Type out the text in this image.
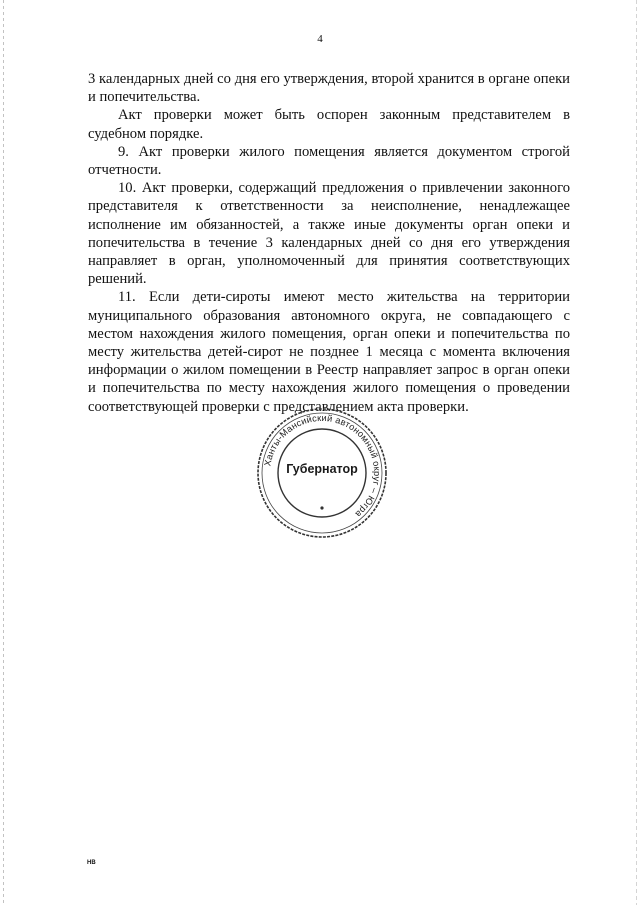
4

3 календарных дней со дня его утверждения, второй хранится в органе опеки и попечительства.

Акт проверки может быть оспорен законным представителем в судебном порядке.

9. Акт проверки жилого помещения является документом строгой отчетности.

10. Акт проверки, содержащий предложения о привлечении законного представителя к ответственности за неисполнение, ненадлежащее исполнение им обязанностей, а также иные документы орган опеки и попечительства в течение 3 календарных дней со дня его утверждения направляет в орган, уполномоченный для принятия соответствующих решений.

11. Если дети-сироты имеют место жительства на территории муниципального образования автономного округа, не совпадающего с местом нахождения жилого помещения, орган опеки и попечительства по месту жительства детей-сирот не позднее 1 месяца с момента включения информации о жилом помещении в Реестр направляет запрос в орган опеки и попечительства по месту нахождения жилого помещения о проведении соответствующей проверки с представлением акта проверки.

Ханты-Мансийский автономный округ – Югра
Губернатор
HB
